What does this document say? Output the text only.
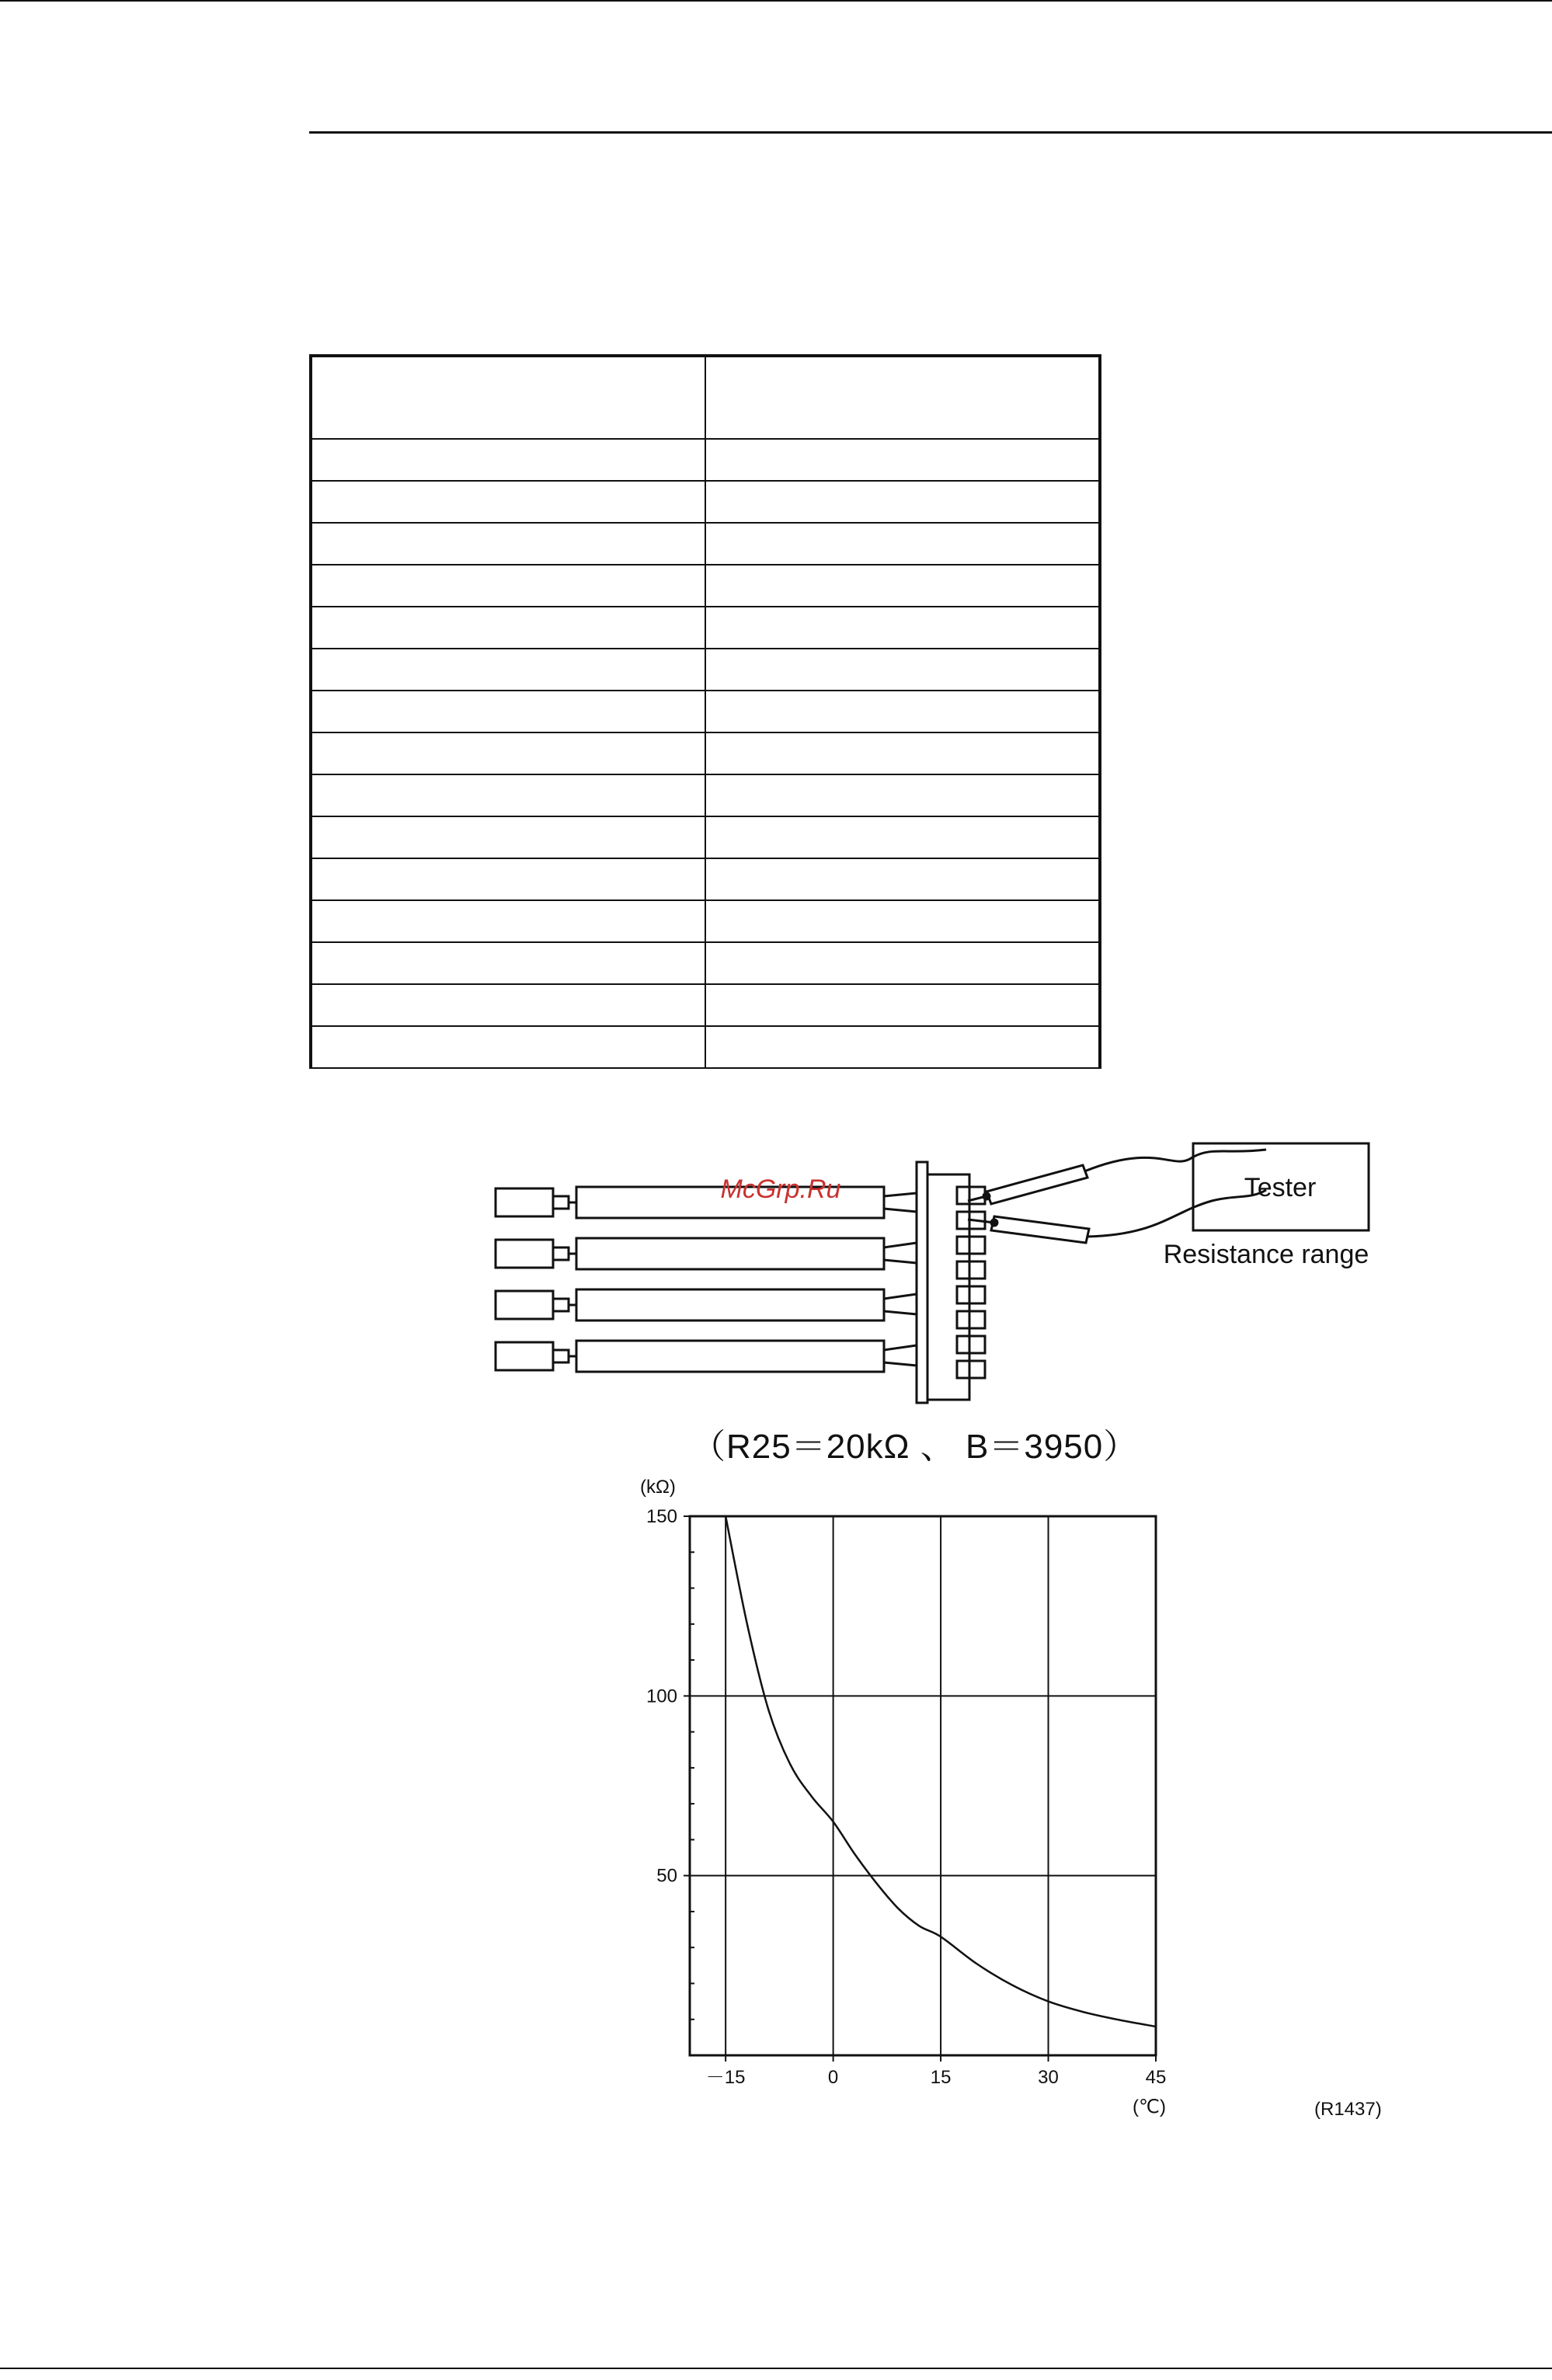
Tester
Resistance range
McGrp.Ru
（R25＝20kΩ 、 B＝3950）
－15	0	15	30	45
50
100
150
(kΩ)
(℃)	(R1437)
